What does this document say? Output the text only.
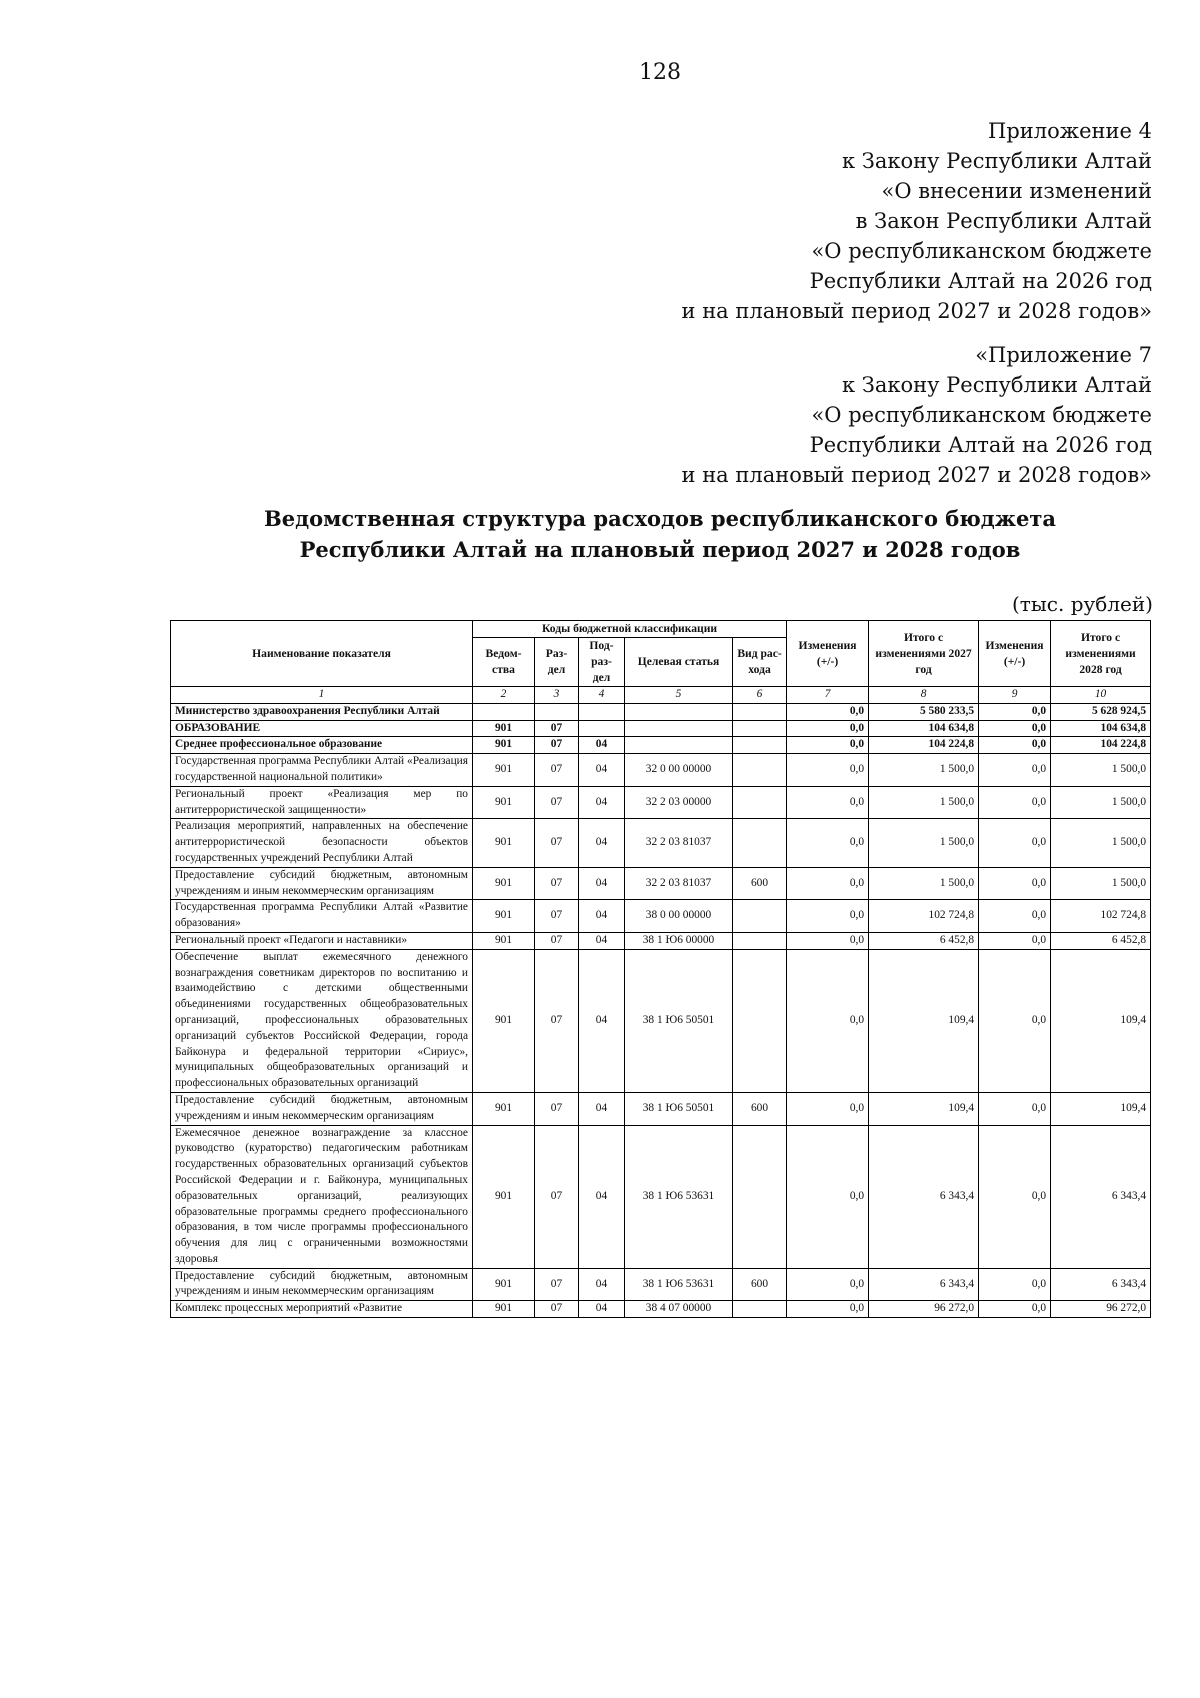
128
Приложение 4
к Закону Республики Алтай
«О внесении изменений
в Закон Республики Алтай
«О республиканском бюджете
Республики Алтай на 2026 год
и на плановый период 2027 и 2028 годов»
«Приложение 7
к Закону Республики Алтай
«О республиканском бюджете
Республики Алтай на 2026 год
и на плановый период 2027 и 2028 годов»
Ведомственная структура расходов республиканского бюджета
Республики Алтай на плановый период 2027 и 2028 годов
(тыс. рублей)
Наименование показателя	Коды бюджетной классификации					Изменения (+/-)	Итого с изменениями 2027 год	Изменения (+/-)	Итого с изменениями 2028 год
	Ведом-ства	Раз-дел	Под-раз-дел	Целевая статья	Вид рас-хода				
1	2	3	4	5	6	7	8	9	10
Министерство здравоохранения Республики Алтай						0,0	5 580 233,5	0,0	5 628 924,5
ОБРАЗОВАНИЕ	901	07				0,0	104 634,8	0,0	104 634,8
Среднее профессиональное образование	901	07	04			0,0	104 224,8	0,0	104 224,8
Государственная программа Республики Алтай «Реализация государственной национальной политики»	901	07	04	32 0 00 00000		0,0	1 500,0	0,0	1 500,0
Региональный проект «Реализация мер по антитеррористической защищенности»	901	07	04	32 2 03 00000		0,0	1 500,0	0,0	1 500,0
Реализация мероприятий, направленных на обеспечение антитеррористической безопасности объектов государственных учреждений Республики Алтай	901	07	04	32 2 03 81037		0,0	1 500,0	0,0	1 500,0
Предоставление субсидий бюджетным, автономным учреждениям и иным некоммерческим организациям	901	07	04	32 2 03 81037	600	0,0	1 500,0	0,0	1 500,0
Государственная программа Республики Алтай «Развитие образования»	901	07	04	38 0 00 00000		0,0	102 724,8	0,0	102 724,8
Региональный проект «Педагоги и наставники»	901	07	04	38 1 Ю6 00000		0,0	6 452,8	0,0	6 452,8
Обеспечение выплат ежемесячного денежного вознаграждения советникам директоров по воспитанию и взаимодействию с детскими общественными объединениями государственных общеобразовательных организаций, профессиональных образовательных организаций субъектов Российской Федерации, города Байконура и федеральной территории «Сириус», муниципальных общеобразовательных организаций и профессиональных образовательных организаций	901	07	04	38 1 Ю6 50501		0,0	109,4	0,0	109,4
Предоставление субсидий бюджетным, автономным учреждениям и иным некоммерческим организациям	901	07	04	38 1 Ю6 50501	600	0,0	109,4	0,0	109,4
Ежемесячное денежное вознаграждение за классное руководство (кураторство) педагогическим работникам государственных образовательных организаций субъектов Российской Федерации и г. Байконура, муниципальных образовательных организаций, реализующих образовательные программы среднего профессионального образования, в том числе программы профессионального обучения для лиц с ограниченными возможностями здоровья	901	07	04	38 1 Ю6 53631		0,0	6 343,4	0,0	6 343,4
Предоставление субсидий бюджетным, автономным учреждениям и иным некоммерческим организациям	901	07	04	38 1 Ю6 53631	600	0,0	6 343,4	0,0	6 343,4
Комплекс процессных мероприятий «Развитие	901	07	04	38 4 07 00000		0,0	96 272,0	0,0	96 272,0
